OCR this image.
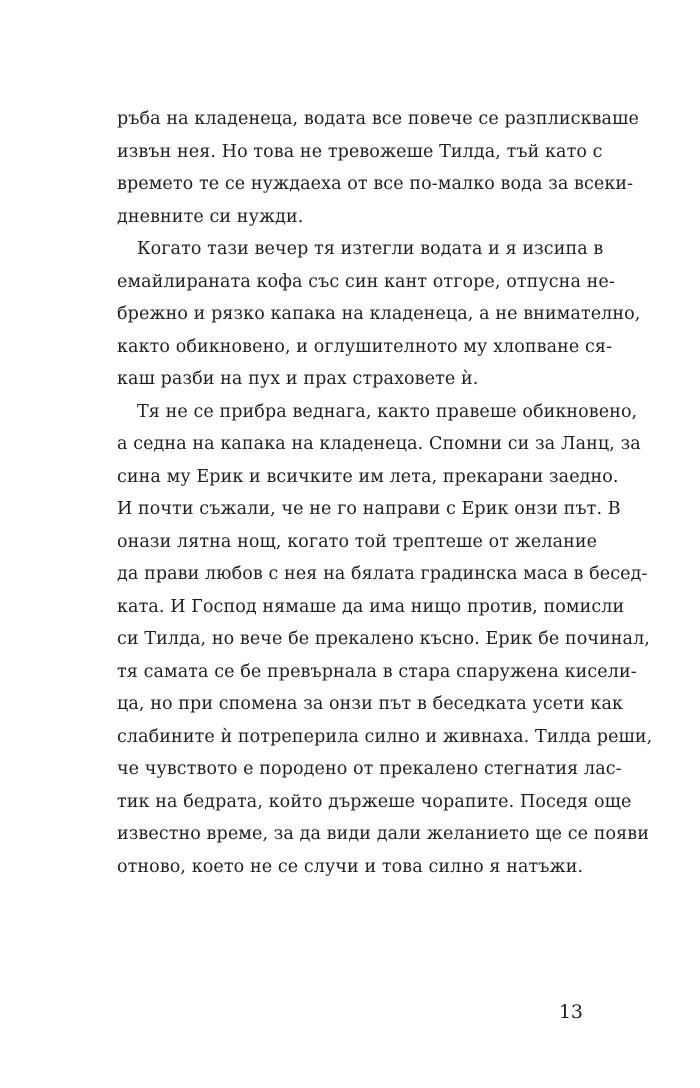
ръба на кладенеца, водата все повече се разплискваше
извън нея. Но това не тревожеше Тилда, тъй като с
времето те се нуждаеха от все по-малко вода за всеки-
дневните си нужди.
Когато тази вечер тя изтегли водата и я изсипа в
емайлираната кофа със син кант отгоре, отпусна не-
брежно и рязко капака на кладенеца, а не внимателно,
както обикновено, и оглушителното му хлопване ся-
каш разби на пух и прах страховете ѝ.
Тя не се прибра веднага, както правеше обикновено,
а седна на капака на кладенеца. Спомни си за Ланц, за
сина му Ерик и всичките им лета, прекарани заедно.
И почти съжали, че не го направи с Ерик онзи път. В
онази лятна нощ, когато той трептеше от желание
да прави любов с нея на бялата градинска маса в бесед-
ката. И Господ нямаше да има нищо против, помисли
си Тилда, но вече бе прекалено късно. Ерик бе починал,
тя самата се бе превърнала в стара спаружена кисели-
ца, но при спомена за онзи път в беседката усети как
слабините ѝ потреперила силно и живнаха. Тилда реши,
че чувството е породено от прекалено стегнатия лас-
тик на бедрата, който държеше чорапите. Поседя още
известно време, за да види дали желанието ще се появи
отново, което не се случи и това силно я натъжи.
13
